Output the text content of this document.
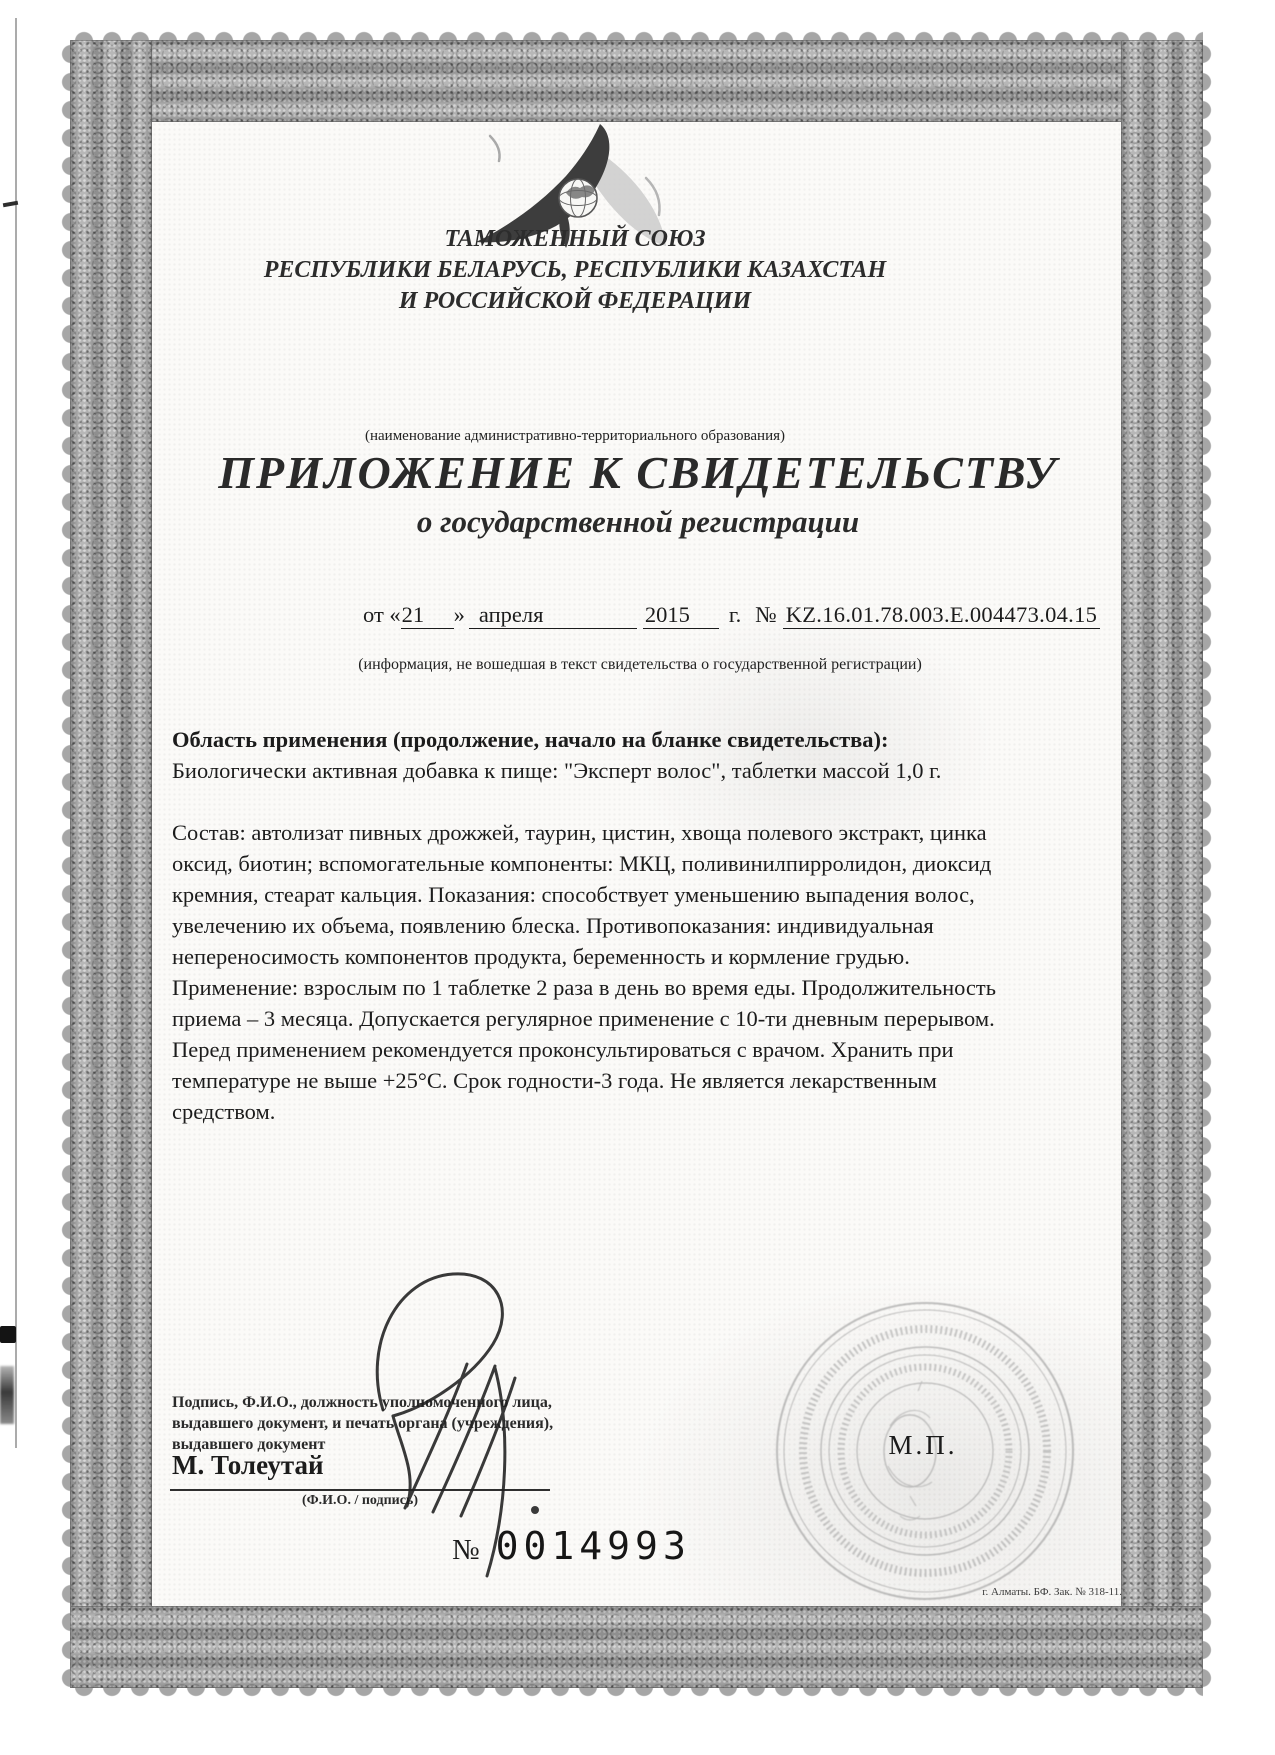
ТАМОЖЕННЫЙ СОЮЗ
РЕСПУБЛИКИ БЕЛАРУСЬ, РЕСПУБЛИКИ КАЗАХСТАН
И РОССИЙСКОЙ ФЕДЕРАЦИИ
(наименование административно-территориального образования)
ПРИЛОЖЕНИЕ К СВИДЕТЕЛЬСТВУ
о государственной регистрации
от «21 » апреля	2015 г. № KZ.16.01.78.003.Е.004473.04.15
(информация, не вошедшая в текст свидетельства о государственной регистрации)
Область применения (продолжение, начало на бланке свидетельства):
Биологически активная добавка к пище: "Эксперт волос", таблетки массой 1,0 г.
Состав: автолизат пивных дрожжей, таурин, цистин, хвоща полевого экстракт, цинка оксид, биотин; вспомогательные компоненты: МКЦ, поливинилпирролидон, диоксид кремния, стеарат кальция. Показания: способствует уменьшению выпадения волос, увелечению их объема, появлению блеска. Противопоказания: индивидуальная непереносимость компонентов продукта, беременность и кормление грудью. Применение: взрослым по 1 таблетке 2 раза в день во время еды. Продолжительность приема – 3 месяца. Допускается регулярное применение с 10-ти дневным перерывом. Перед применением рекомендуется проконсультироваться с врачом. Хранить при температуре не выше +25°С. Срок годности-3 года. Не является лекарственным средством.
Подпись, Ф.И.О., должность уполномоченного лица,
выдавшего документ, и печать органа (учреждения),
выдавшего документ
М. Толеутай
(Ф.И.О. / подпись)
М.П.
№ 0014993
г. Алматы. БФ. Зак. № 318-11.
